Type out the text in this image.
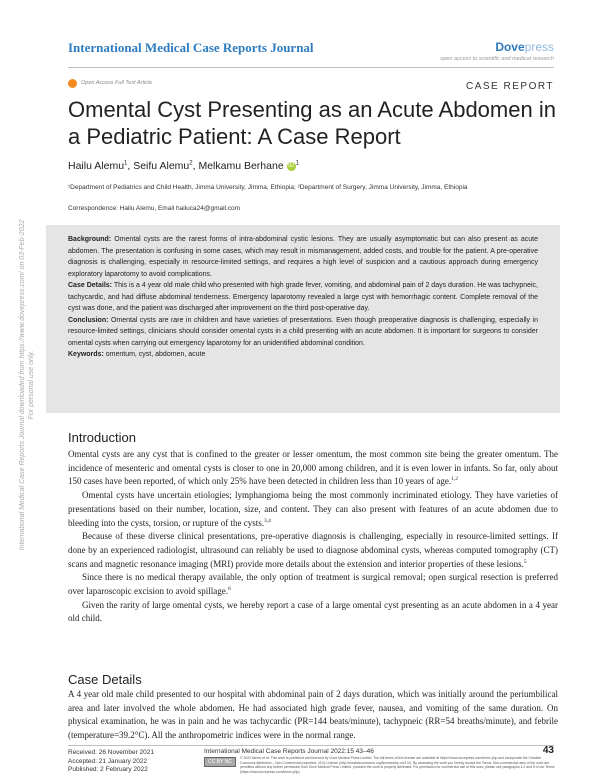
International Medical Case Reports Journal	Dovepress
open access to scientific and medical research
Open Access Full Text Article	CASE REPORT
Omental Cyst Presenting as an Acute Abdomen in a Pediatric Patient: A Case Report
Hailu Alemu$^1$, Seifu Alemu$^2$, Melkamu Berhane iD $^1$
¹Department of Pediatrics and Child Health, Jimma University, Jimma, Ethiopia; ²Department of Surgery, Jimma University, Jimma, Ethiopia
Correspondence: Hailu Alemu, Email hailuca24@gmail.com

Background: Omental cysts are the rarest forms of intra-abdominal cystic lesions. They are usually asymptomatic but can also present as acute abdomen. The presentation is confusing in some cases, which may result in mismanagement, added costs, and trouble for the patient. A pre-operative diagnosis is challenging, especially in resource-limited settings, and requires a high level of suspicion and a cautious approach during emergency exploratory laparotomy to avoid complications.

Case Details: This is a 4 year old male child who presented with high grade fever, vomiting, and abdominal pain of 2 days duration. He was tachypneic, tachycardic, and had diffuse abdominal tenderness. Emergency laparotomy revealed a large cyst with hemorrhagic content. Complete removal of the cyst was done, and the patient was discharged after improvement on the third post-operative day.

Conclusion: Omental cysts are rare in children and have varieties of presentations. Even though preoperative diagnosis is challenging, especially in resource-limited settings, clinicians should consider omental cysts in a child presenting with an acute abdomen. It is important for surgeons to consider omental cysts when carrying out emergency laparotomy for an unidentified abdominal condition.

Keywords: omentum, cyst, abdomen, acute

International Medical Case Reports Journal downloaded from https://www.dovepress.com/ on 03-Feb-2022 For personal use only.
Introduction

Omental cysts are any cyst that is confined to the greater or lesser omentum, the most common site being the greater omentum. The incidence of mesenteric and omental cysts is closer to one in 20,000 among children, and it is even lower in infants. So far, only about 150 cases have been reported, of which only 25% have been detected in children less than 10 years of age.$^{1,2}$

Omental cysts have uncertain etiologies; lymphangioma being the most commonly incriminated etiology. They have varieties of presentations based on their number, location, size, and content. They can also present with features of an acute abdomen due to bleeding into the cysts, torsion, or rupture of the cysts.$^{3,4}$

Because of these diverse clinical presentations, pre-operative diagnosis is challenging, especially in resource-limited settings. If done by an experienced radiologist, ultrasound can reliably be used to diagnose abdominal cysts, whereas computed tomography (CT) scans and magnetic resonance imaging (MRI) provide more details about the extension and interior properties of these lesions.$^5$

Since there is no medical therapy available, the only option of treatment is surgical removal; open surgical resection is preferred over laparoscopic excision to avoid spillage.$^6$

Given the rarity of large omental cysts, we hereby report a case of a large omental cyst presenting as an acute abdomen in a 4 year old child.

Case Details

A 4 year old male child presented to our hospital with abdominal pain of 2 days duration, which was initially around the periumbilical area and later involved the whole abdomen. He had associated high grade fever, nausea, and vomiting of the same duration. On physical examination, he was in pain and he was tachycardic (PR=144 beats/minute), tachypneic (RR=54 breaths/minute), and febrile (temperature=39.2°C). All the anthropometric indices were in the normal range.

Received: 26 November 2021
Accepted: 21 January 2022
Published: 2 February 2022
International Medical Case Reports Journal 2022:15 43–46	43
CC BY NC
© 2022 Alemu et al. This work is published and licensed by Dove Medical Press Limited. The full terms of this license are available at https://www.dovepress.com/terms.php and incorporate the Creative Commons Attribution – Non Commercial (unported, v3.0) License (http://creativecommons.org/licenses/by-nc/3.0/). By accessing the work you hereby accept the Terms. Non-commercial uses of the work are permitted without any further permission from Dove Medical Press Limited, provided the work is properly attributed. For permission for commercial use of this work, please see paragraphs 4.2 and 5 of our Terms (https://www.dovepress.com/terms.php).
